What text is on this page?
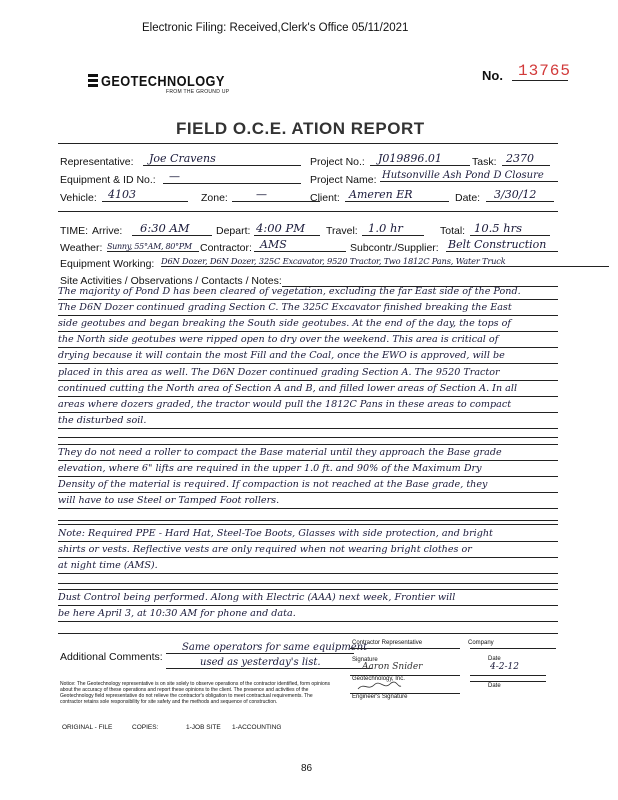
Electronic Filing: Received,Clerk's Office 05/11/2021
GEOTECHNOLOGY
FROM THE GROUND UP
No. 13765
FIELD O.C.E. ATION REPORT
Representative:	Joe Cravens	Project No.:	J019896.01	Task: 2370
Equipment & ID No.:	—	Project Name: Hutsonville Ash Pond D Closure
Vehicle:	4103	Zone:	—	Client: Ameren ER	Date:	3/30/12
TIME: Arrive:	6:30 AM	Depart: 4:00 PM	Travel: 1.0 hr	Total: 10.5 hrs
Weather: Sunny, 55°AM, 80°PM Contractor: AMS	Subcontr./Supplier: Belt Construction
Equipment Working: D6N Dozer, D6N Dozer, 325C Excavator, 9520 Tractor, Two 1812C Pans, Water Truck
Site Activities / Observations / Contacts / Notes:
The majority of Pond D has been cleared of vegetation, excluding the far East side of the Pond.
The D6N Dozer continued grading Section C. The 325C Excavator finished breaking the East
side geotubes and began breaking the South side geotubes. At the end of the day, the tops of
the North side geotubes were ripped open to dry over the weekend. This area is critical of
drying because it will contain the most Fill and the Coal, once the EWO is approved, will be
placed in this area as well. The D6N Dozer continued grading Section A. The 9520 Tractor
continued cutting the North area of Section A and B, and filled lower areas of Section A. In all
areas where dozers graded, the tractor would pull the 1812C Pans in these areas to compact
the disturbed soil.
They do not need a roller to compact the Base material until they approach the Base grade
elevation, where 6" lifts are required in the upper 1.0 ft. and 90% of the Maximum Dry
Density of the material is required. If compaction is not reached at the Base grade, they
will have to use Steel or Tamped Foot rollers.
Note: Required PPE - Hard Hat, Steel-Toe Boots, Glasses with side protection, and bright
shirts or vests. Reflective vests are only required when not wearing bright clothes or
at night time (AMS).
Dust Control being performed. Along with Electric (AAA) next week, Frontier will
be here April 3, at 10:30 AM for phone and data.
Additional Comments:
Same operators for same equipment
used as yesterday's list.
Contractor Representative	Company
Signature
Aaron Snider
Date
4-2-12
Geotechnology, Inc.
Date
Engineer's Signature
Notice: The Geotechnology representative is on site solely to observe operations of the contractor identified, form opinions about the accuracy of these operations and report these opinions to the client. The presence and activities of the Geotechnology field representative do not relieve the contractor's obligation to meet contractual requirements. The contractor retains sole responsibility for site safety and the methods and sequence of construction.
ORIGINAL - FILE	COPIES:	1-JOB SITE 1-ACCOUNTING
86
